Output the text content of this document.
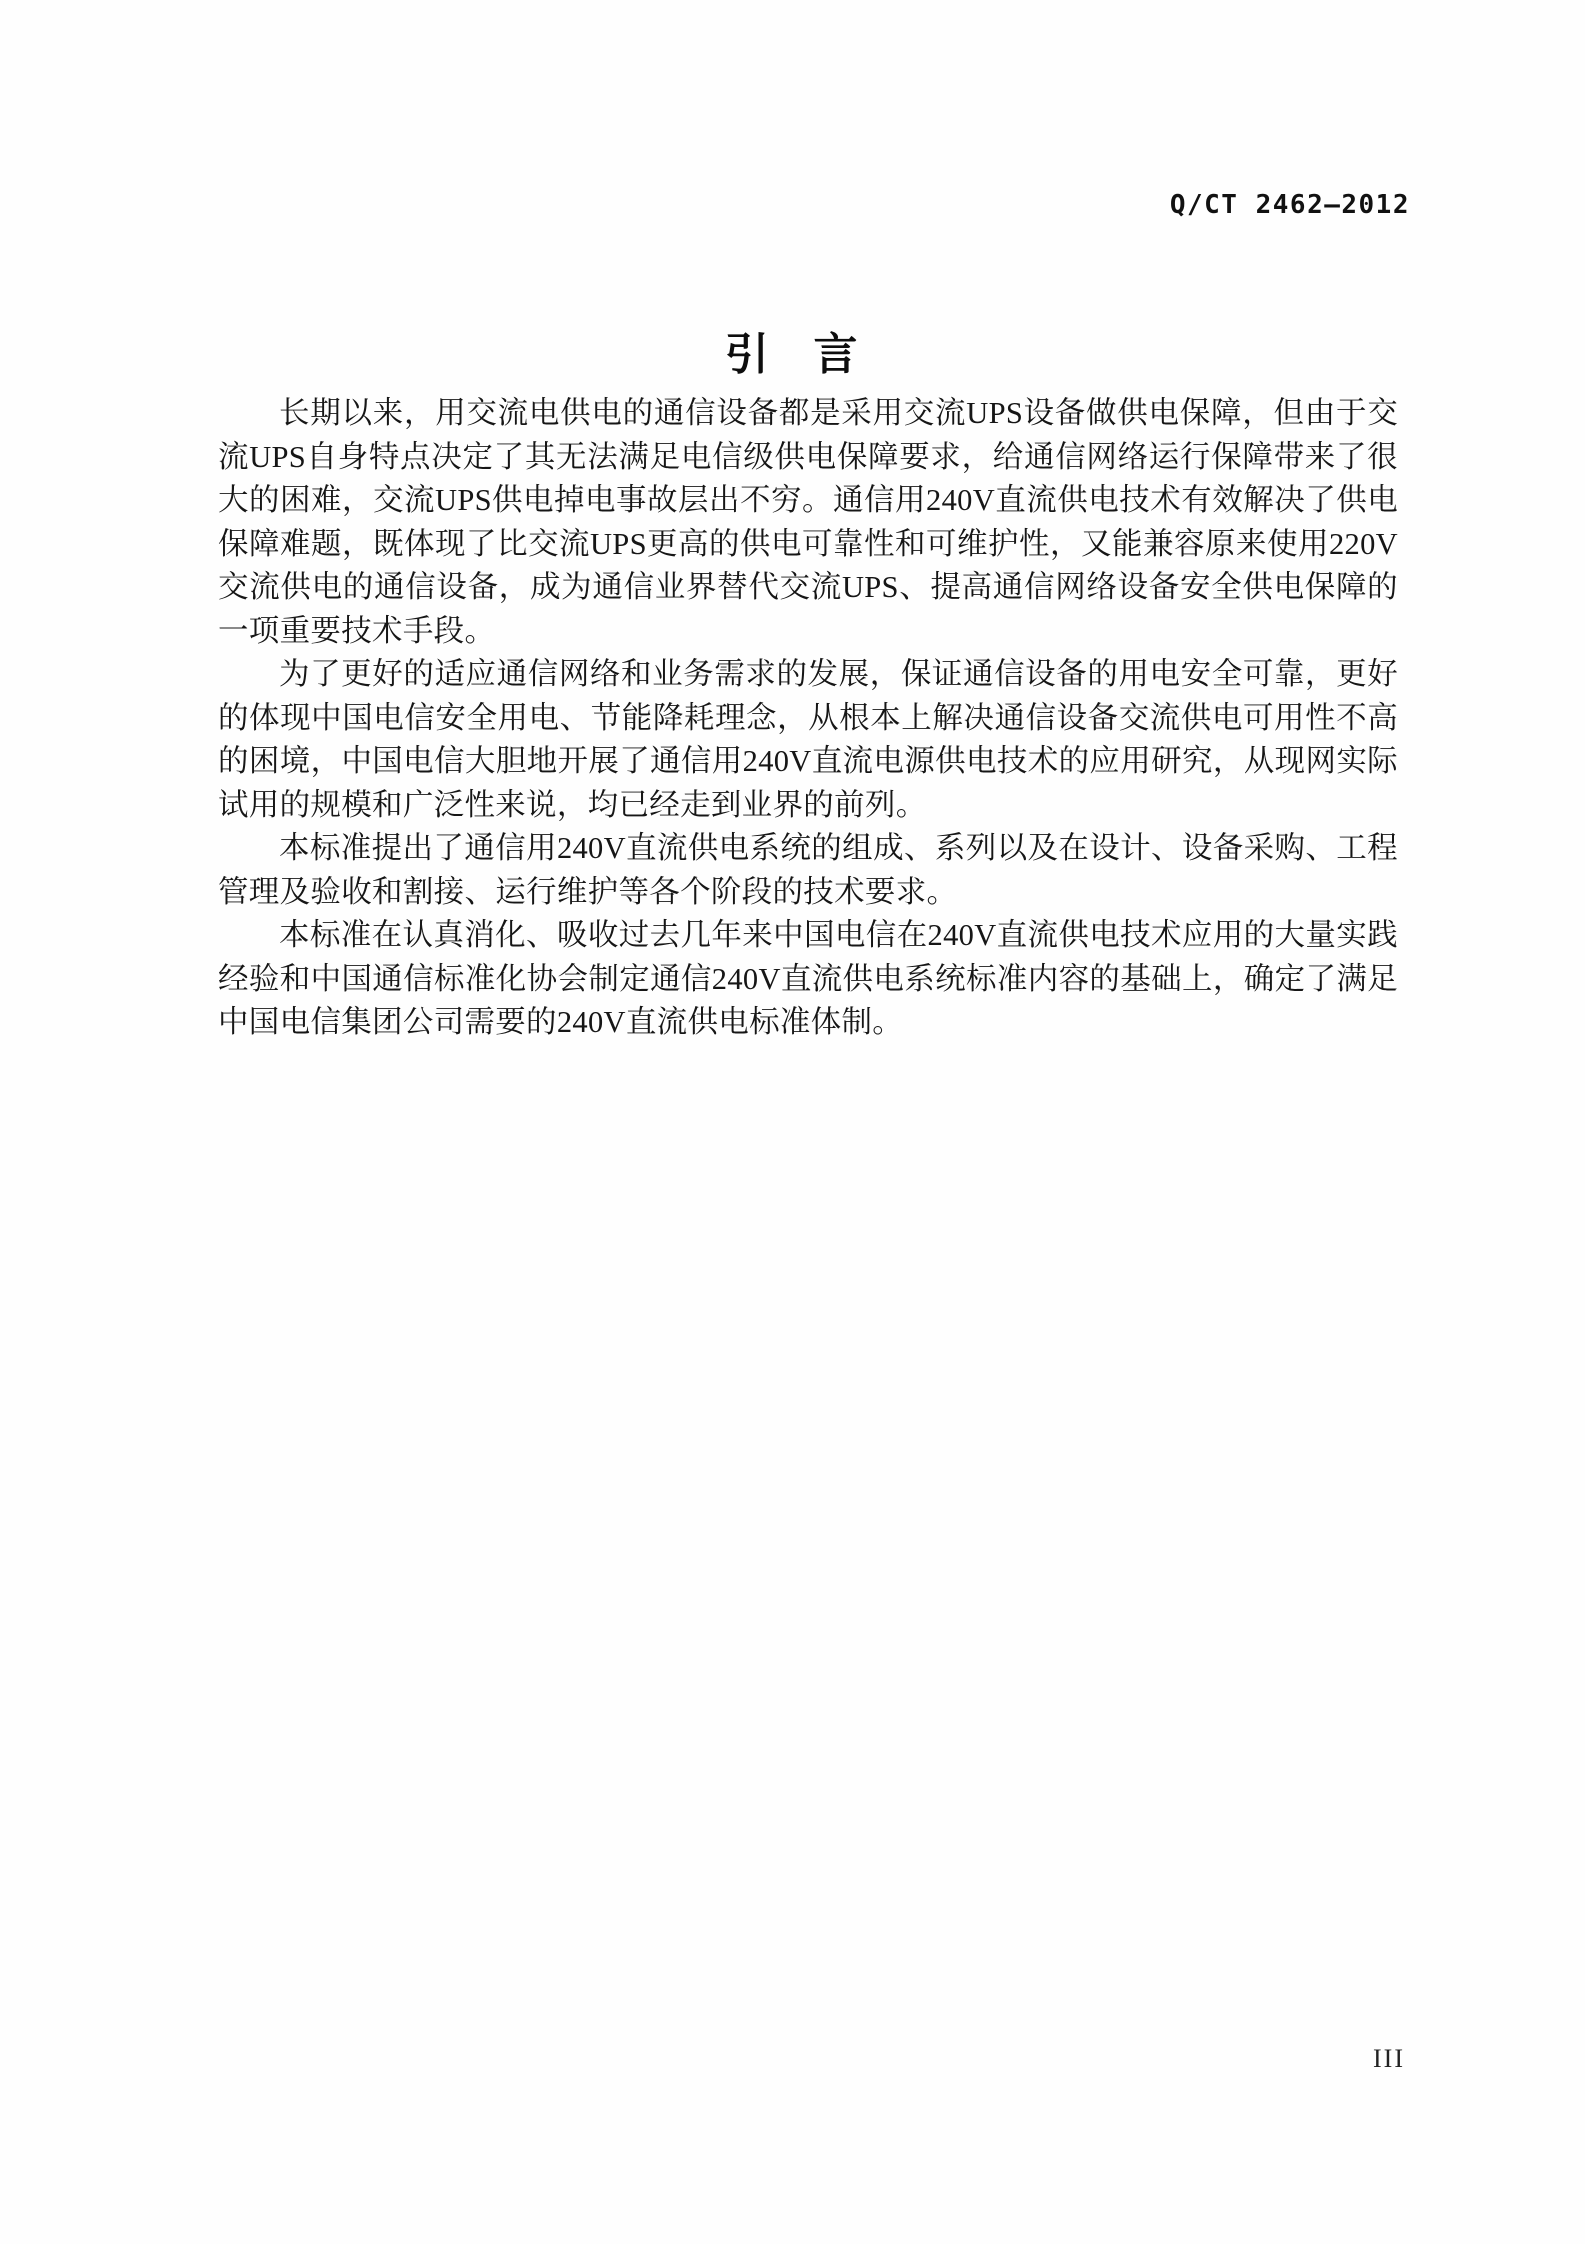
Q/CT 2462—2012
引 言

长期以来，用交流电供电的通信设备都是采用交流UPS设备做供电保障，但由于交流UPS自身特点决定了其无法满足电信级供电保障要求，给通信网络运行保障带来了很大的困难，交流UPS供电掉电事故层出不穷。通信用240V直流供电技术有效解决了供电保障难题，既体现了比交流UPS更高的供电可靠性和可维护性，又能兼容原来使用220V交流供电的通信设备，成为通信业界替代交流UPS、提高通信网络设备安全供电保障的一项重要技术手段。

为了更好的适应通信网络和业务需求的发展，保证通信设备的用电安全可靠，更好的体现中国电信安全用电、节能降耗理念，从根本上解决通信设备交流供电可用性不高的困境，中国电信大胆地开展了通信用240V直流电源供电技术的应用研究，从现网实际试用的规模和广泛性来说，均已经走到业界的前列。

本标准提出了通信用240V直流供电系统的组成、系列以及在设计、设备采购、工程管理及验收和割接、运行维护等各个阶段的技术要求。

本标准在认真消化、吸收过去几年来中国电信在240V直流供电技术应用的大量实践经验和中国通信标准化协会制定通信240V直流供电系统标准内容的基础上，确定了满足中国电信集团公司需要的240V直流供电标准体制。

III
